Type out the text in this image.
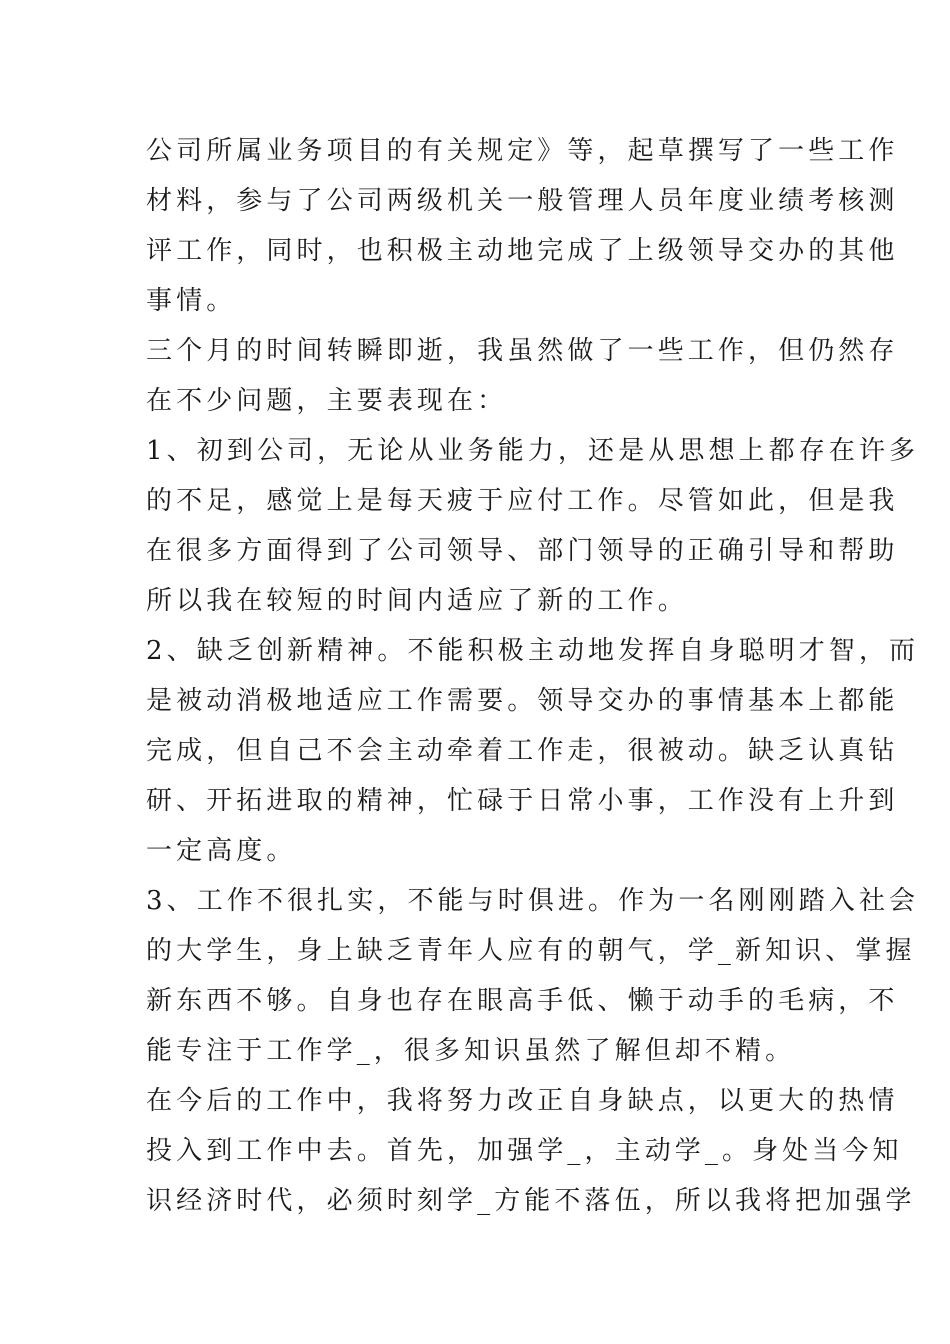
公司所属业务项目的有关规定》等，起草撰写了一些工作
材料，参与了公司两级机关一般管理人员年度业绩考核测
评工作，同时，也积极主动地完成了上级领导交办的其他
事情。
三个月的时间转瞬即逝，我虽然做了一些工作，但仍然存
在不少问题，主要表现在：
1、初到公司，无论从业务能力，还是从思想上都存在许多
的不足，感觉上是每天疲于应付工作。尽管如此，但是我
在很多方面得到了公司领导、部门领导的正确引导和帮助
所以我在较短的时间内适应了新的工作。
2、缺乏创新精神。不能积极主动地发挥自身聪明才智，而
是被动消极地适应工作需要。领导交办的事情基本上都能
完成，但自己不会主动牵着工作走，很被动。缺乏认真钻
研、开拓进取的精神，忙碌于日常小事，工作没有上升到
一定高度。
3、工作不很扎实，不能与时俱进。作为一名刚刚踏入社会
的大学生，身上缺乏青年人应有的朝气，学_新知识、掌握
新东西不够。自身也存在眼高手低、懒于动手的毛病，不
能专注于工作学_，很多知识虽然了解但却不精。
在今后的工作中，我将努力改正自身缺点，以更大的热情
投入到工作中去。首先，加强学_，主动学_。身处当今知
识经济时代，必须时刻学_方能不落伍，所以我将把加强学
